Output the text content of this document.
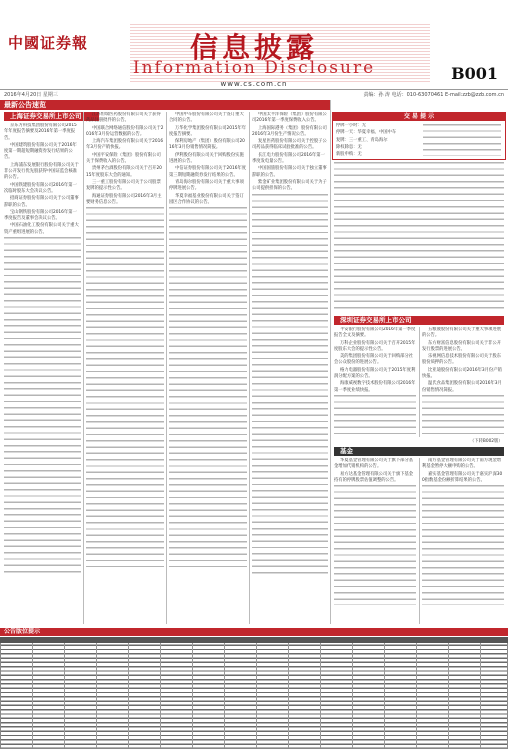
中國证券報	信息披露
Information Disclosure
www.cs.com.cn
B001
2016年4月20日 星期三	责编：孙 涛 电话：010-63070461 E-mail:zzb@zzb.com.cn
最新公告速览
上海证券交易所上市公司

京东方科技集团股份有限公司2015年年度报告摘要及2016年第一季度报告。

中国建筑股份有限公司关于2016年度第一期超短期融资券发行结果的公告。

上海浦东发展银行股份有限公司关于非公开发行优先股获得中国证监会核准的公告。

中国铁建股份有限公司2016年第一次临时股东大会决议公告。

招商证券股份有限公司关于公司董事辞职的公告。

宝山钢铁股份有限公司2016年第一季度报告及董事会决议公告。

中国石油化工股份有限公司关于重大资产重组进展的公告。

江苏恒瑞医药股份有限公司关于获得药品注册批件的公告。

中国联合网络通信股份有限公司关于2016年3月份运营数据的公告。

上海汽车集团股份有限公司关于2016年3月份产销快报。

中国平安保险（集团）股份有限公司关于保费收入的公告。

贵州茅台酒股份有限公司关于召开2015年度股东大会的通知。

三一重工股份有限公司关于公司股票复牌的提示性公告。

海通证券股份有限公司2016年3月主要财务信息公告。

中国中车股份有限公司关于签订重大合同的公告。

万华化学集团股份有限公司2015年年度报告摘要。

保利房地产（集团）股份有限公司2016年3月份销售情况简报。

伊利股份有限公司关于回购股份实施进展的公告。

中信证券股份有限公司关于2016年度第三期短期融资券发行结果的公告。

青岛海尔股份有限公司关于重大事项停牌进展公告。

华夏幸福基业股份有限公司关于签订园区合作协议的公告。

中国太平洋保险（集团）股份有限公司2016年第一季度保费收入公告。

上海国际港务（集团）股份有限公司2016年3月份生产情况公告。

复星医药股份有限公司关于控股子公司药品获得临床试验批准的公告。

长江电力股份有限公司2016年第一季度发电量公告。

中国国旅股份有限公司关于独立董事辞职的公告。

紫金矿业集团股份有限公司关于为子公司提供担保的公告。

交 易 提 示

停牌一小时：无

停牌一天：华夏幸福、中国中车

复牌：三一重工、青岛海尔

除权除息：无

新股申购：无

深圳证券交易所上市公司

平安银行股份有限公司2016年第一季度报告全文及摘要。

万科企业股份有限公司关于召开2015年度股东大会的提示性公告。

美的集团股份有限公司关于回购部分社会公众股份的进展公告。

格力电器股份有限公司关于2015年度利润分配方案的公告。

海康威视数字技术股份有限公司2016年第一季度业绩快报。

五粮液股份有限公司关于重大事项进展的公告。

东方财富信息股份有限公司关于非公开发行股票的进展公告。

乐视网信息技术股份有限公司关于股东股份质押的公告。

比亚迪股份有限公司2016年3月份产销快报。

温氏食品集团股份有限公司2016年3月份销售情况简报。

（下转B002版）
基金

华夏基金管理有限公司关于旗下部分基金增加代销机构的公告。

易方达基金管理有限公司关于旗下基金持有的停牌股票估值调整的公告。

南方基金管理有限公司关于南方现金增利基金暂停大额申购的公告。

嘉实基金管理有限公司关于嘉实沪深300指数基金份额折算结果的公告。

公告版位提示
